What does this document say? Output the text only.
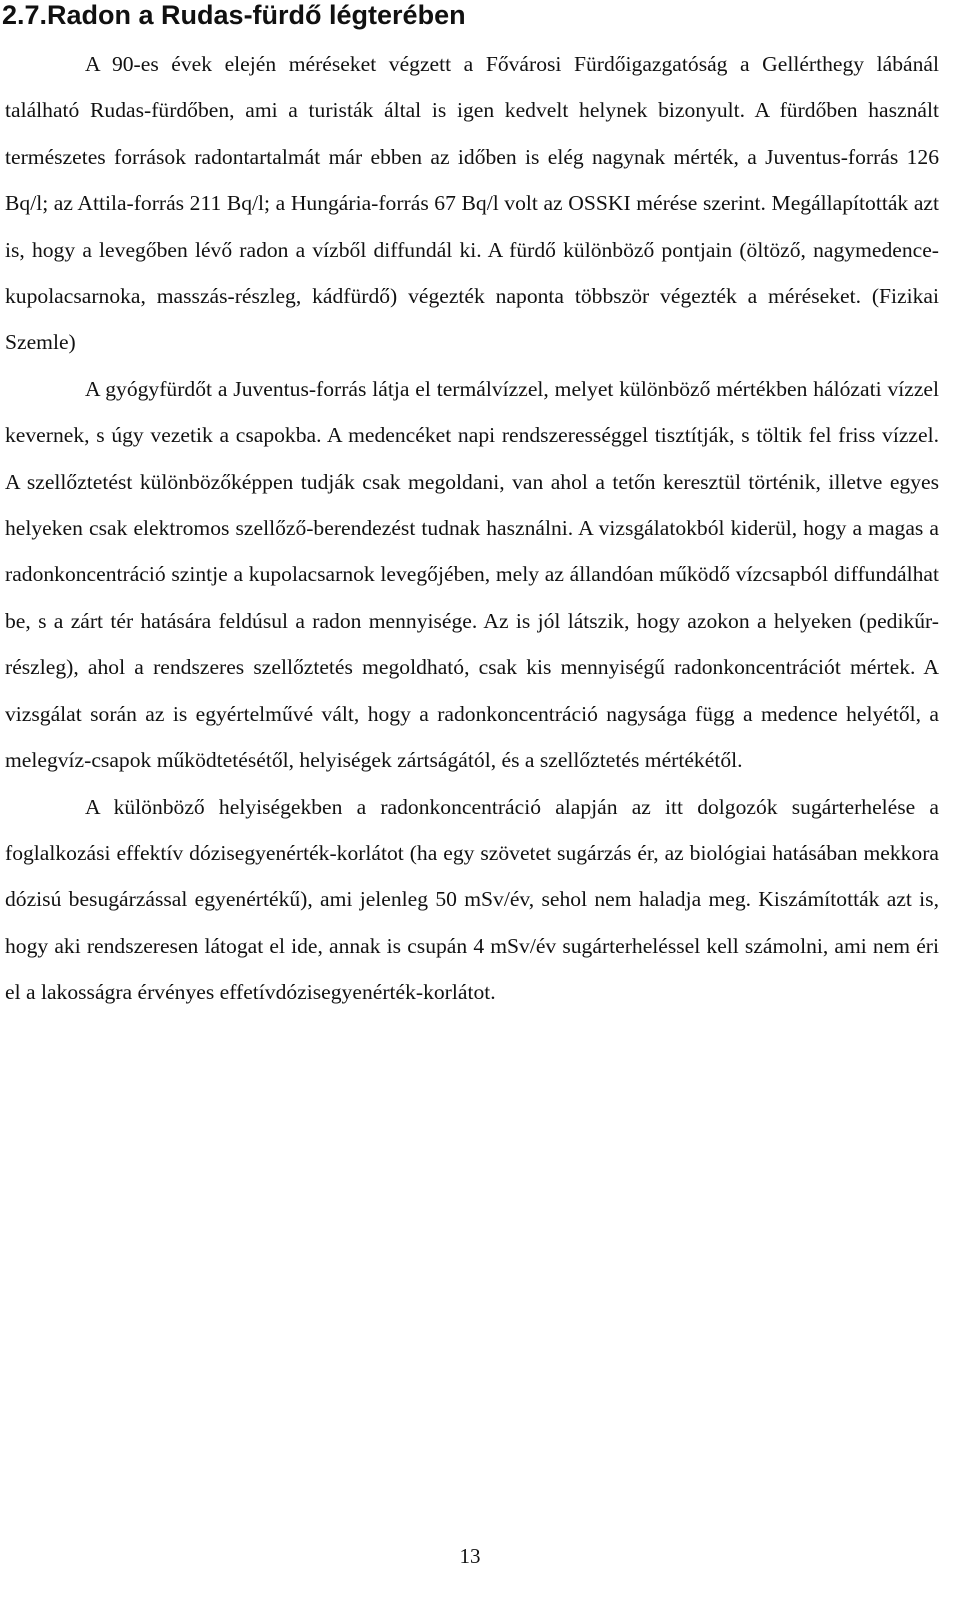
2.7.Radon a Rudas-fürdő légterében

A 90-es évek elején méréseket végzett a Fővárosi Fürdőigazgatóság a Gellérthegy lábánál található Rudas-fürdőben, ami a turisták által is igen kedvelt helynek bizonyult. A fürdőben használt természetes források radontartalmát már ebben az időben is elég nagynak mérték, a Juventus-forrás 126 Bq/l; az Attila-forrás 211 Bq/l; a Hungária-forrás 67 Bq/l volt az OSSKI mérése szerint. Megállapították azt is, hogy a levegőben lévő radon a vízből diffundál ki. A fürdő különböző pontjain (öltöző, nagymedence-kupolacsarnoka, masszás-részleg, kádfürdő) végezték naponta többször végezték a méréseket. (Fizikai Szemle)

A gyógyfürdőt a Juventus-forrás látja el termálvízzel, melyet különböző mértékben hálózati vízzel kevernek, s úgy vezetik a csapokba. A medencéket napi rendszerességgel tisztítják, s töltik fel friss vízzel. A szellőztetést különbözőképpen tudják csak megoldani, van ahol a tetőn keresztül történik, illetve egyes helyeken csak elektromos szellőző-berendezést tudnak használni. A vizsgálatokból kiderül, hogy a magas a radonkoncentráció szintje a kupolacsarnok levegőjében, mely az állandóan működő vízcsapból diffundálhat be, s a zárt tér hatására feldúsul a radon mennyisége. Az is jól látszik, hogy azokon a helyeken (pedikűr-részleg), ahol a rendszeres szellőztetés megoldható, csak kis mennyiségű radonkoncentrációt mértek. A vizsgálat során az is egyértelművé vált, hogy a radonkoncentráció nagysága függ a medence helyétől, a melegvíz-csapok működtetésétől, helyiségek zártságától, és a szellőztetés mértékétől.

A különböző helyiségekben a radonkoncentráció alapján az itt dolgozók sugárterhelése a foglalkozási effektív dózisegyenérték-korlátot (ha egy szövetet sugárzás ér, az biológiai hatásában mekkora dózisú besugárzással egyenértékű), ami jelenleg 50 mSv/év, sehol nem haladja meg. Kiszámították azt is, hogy aki rendszeresen látogat el ide, annak is csupán 4 mSv/év sugárterheléssel kell számolni, ami nem éri el a lakosságra érvényes effetívdózisegyenérték-korlátot.

13
